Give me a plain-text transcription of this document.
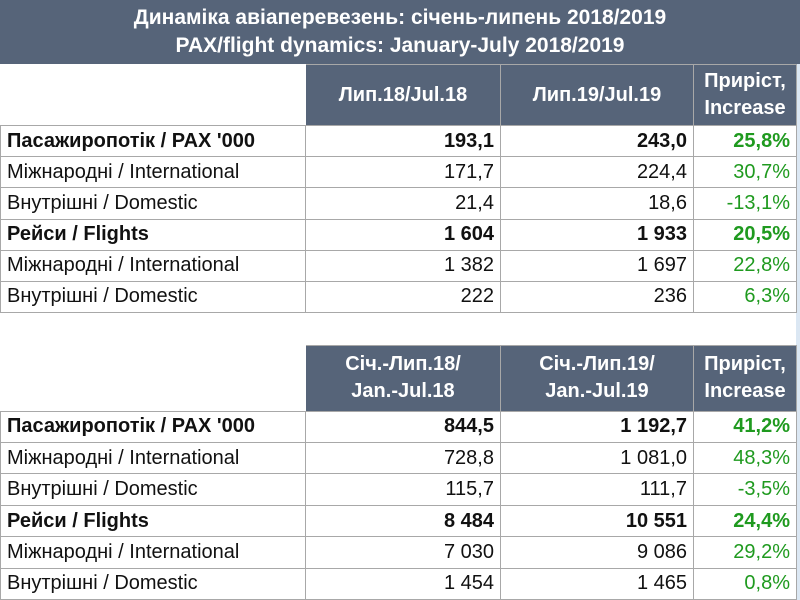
Динаміка авіаперевезень: січень-липень 2018/2019
PAX/flight dynamics: January-July 2018/2019
	Лип.18/Jul.18	Лип.19/Jul.19	Приріст,
Increase
Пасажиропотік / PAX '000	193,1	243,0	25,8%
Міжнародні / International	171,7	224,4	30,7%
Внутрішні / Domestic	21,4	18,6	-13,1%
Рейси / Flights	1 604	1 933	20,5%
Міжнародні / International	1 382	1 697	22,8%
Внутрішні / Domestic	222	236	6,3%
	Січ.-Лип.18/
Jan.-Jul.18	Січ.-Лип.19/
Jan.-Jul.19	Приріст,
Increase
Пасажиропотік / PAX '000	844,5	1 192,7	41,2%
Міжнародні / International	728,8	1 081,0	48,3%
Внутрішні / Domestic	115,7	111,7	-3,5%
Рейси / Flights	8 484	10 551	24,4%
Міжнародні / International	7 030	9 086	29,2%
Внутрішні / Domestic	1 454	1 465	0,8%
